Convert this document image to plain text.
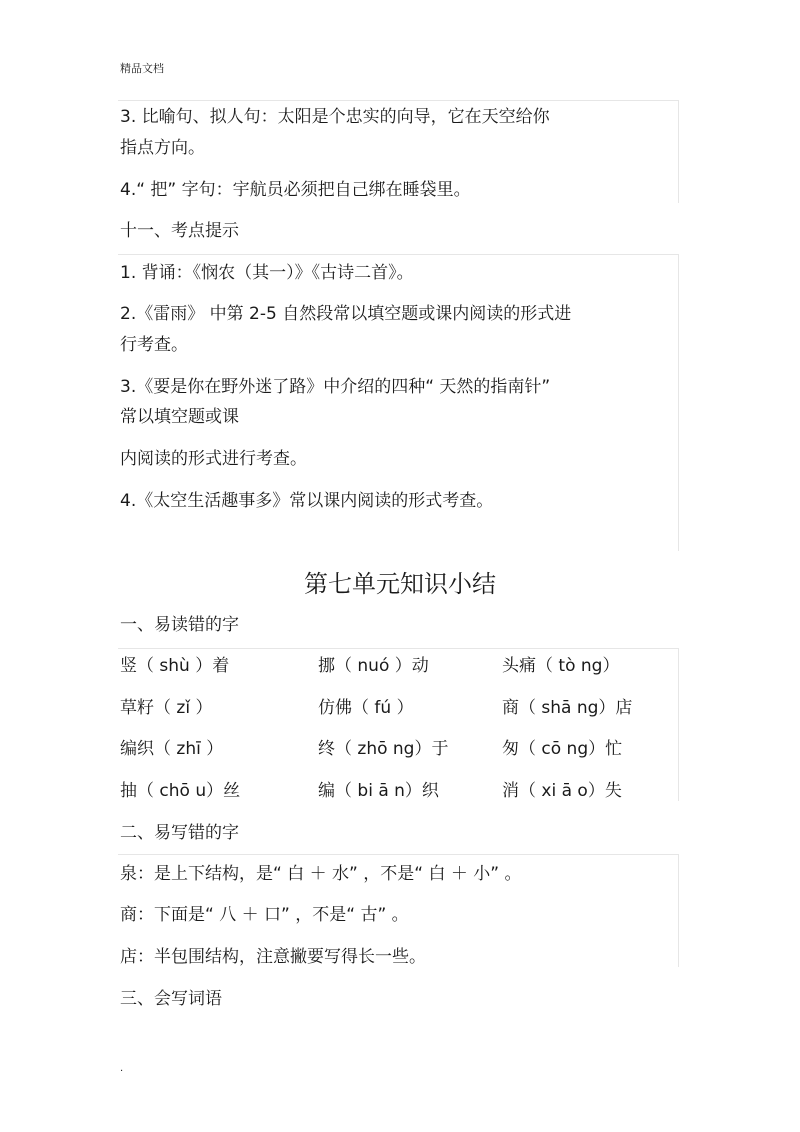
精品文档
3. 比喻句、拟人句：太阳是个忠实的向导，它在天空给你
指点方向。
4.“ 把” 字句：宇航员必须把自己绑在睡袋里。
十一、考点提示
1. 背诵：《悯农（其一）》《古诗二首》。
2.《雷雨》 中第 2-5 自然段常以填空题或课内阅读的形式进
行考查。
3.《要是你在野外迷了路》中介绍的四种“ 天然的指南针”
常以填空题或课
内阅读的形式进行考查。
4.《太空生活趣事多》常以课内阅读的形式考查。
第七单元知识小结
一、易读错的字
竖（ shù ）着	挪（ nuó ）动	头痛（ tò ng）
草籽（ zǐ ）	仿佛（ fú ）	商（ shā ng）店
编织（ zhī ）	终（ zhō ng）于	匆（ cō ng）忙
抽（ chō u）丝	编（ bi ā n）织	消（ xi ā o）失
二、易写错的字
泉：是上下结构，是“ 白 ＋ 水” ，不是“ 白 ＋ 小” 。
商：下面是“ 八 ＋ 口” ，不是“ 古” 。
店：半包围结构，注意撇要写得长一些。
三、会写词语
.
